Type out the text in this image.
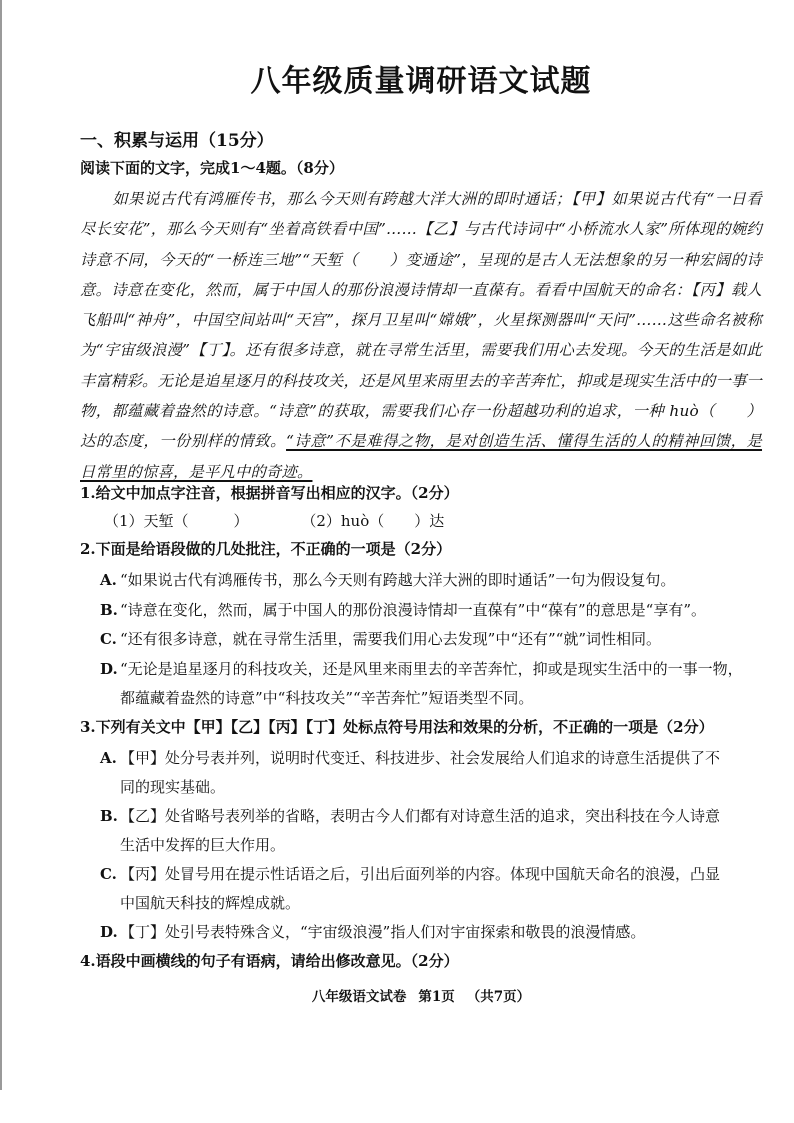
八年级质量调研语文试题
一、积累与运用（15分）
阅读下面的文字，完成1～4题。（8分）
如果说古代有鸿雁传书，那么今天则有跨越大洋大洲的即时通话；【甲】如果说古代有“一日看尽长安花”，那么今天则有“坐着高铁看中国”……【乙】与古代诗词中“小桥流水人家”所体现的婉约诗意不同，今天的“一桥连三地”“天堑（　　）变通途”，呈现的是古人无法想象的另一种宏阔的诗意。诗意在变化，然而，属于中国人的那份浪漫诗情却一直葆有。看看中国航天的命名：【丙】载人飞船叫“神舟”，中国空间站叫“天宫”，探月卫星叫“嫦娥”，火星探测器叫“天问”……这些命名被称为“宇宙级浪漫”【丁】。还有很多诗意，就在寻常生活里，需要我们用心去发现。今天的生活是如此丰富精彩。无论是追星逐月的科技攻关，还是风里来雨里去的辛苦奔忙，抑或是现实生活中的一事一物，都蕴藏着盎然的诗意。“诗意”的获取，需要我们心存一份超越功利的追求，一种 huò（　　）达的态度，一份别样的情致。“诗意”不是难得之物，是对创造生活、懂得生活的人的精神回馈，是日常里的惊喜，是平凡中的奇迹。
1.给文中加点字注音，根据拼音写出相应的汉字。（2分）
（1）天堑（　　　）	（2）huò（　　）达
2.下面是给语段做的几处批注，不正确的一项是（2分）
A. “如果说古代有鸿雁传书，那么今天则有跨越大洋大洲的即时通话”一句为假设复句。
B. “诗意在变化，然而，属于中国人的那份浪漫诗情却一直葆有”中“葆有”的意思是“享有”。
C. “还有很多诗意，就在寻常生活里，需要我们用心去发现”中“还有”“就”词性相同。
D. “无论是追星逐月的科技攻关，还是风里来雨里去的辛苦奔忙，抑或是现实生活中的一事一物，
都蕴藏着盎然的诗意”中“科技攻关”“辛苦奔忙”短语类型不同。
3.下列有关文中【甲】【乙】【丙】【丁】处标点符号用法和效果的分析，不正确的一项是（2分）
A. 【甲】处分号表并列，说明时代变迁、科技进步、社会发展给人们追求的诗意生活提供了不
同的现实基础。
B. 【乙】处省略号表列举的省略，表明古今人们都有对诗意生活的追求，突出科技在今人诗意
生活中发挥的巨大作用。
C. 【丙】处冒号用在提示性话语之后，引出后面列举的内容。体现中国航天命名的浪漫，凸显
中国航天科技的辉煌成就。
D. 【丁】处引号表特殊含义，“宇宙级浪漫”指人们对宇宙探索和敬畏的浪漫情感。
4.语段中画横线的句子有语病，请给出修改意见。（2分）
八年级语文试卷 第1页 （共7页）
